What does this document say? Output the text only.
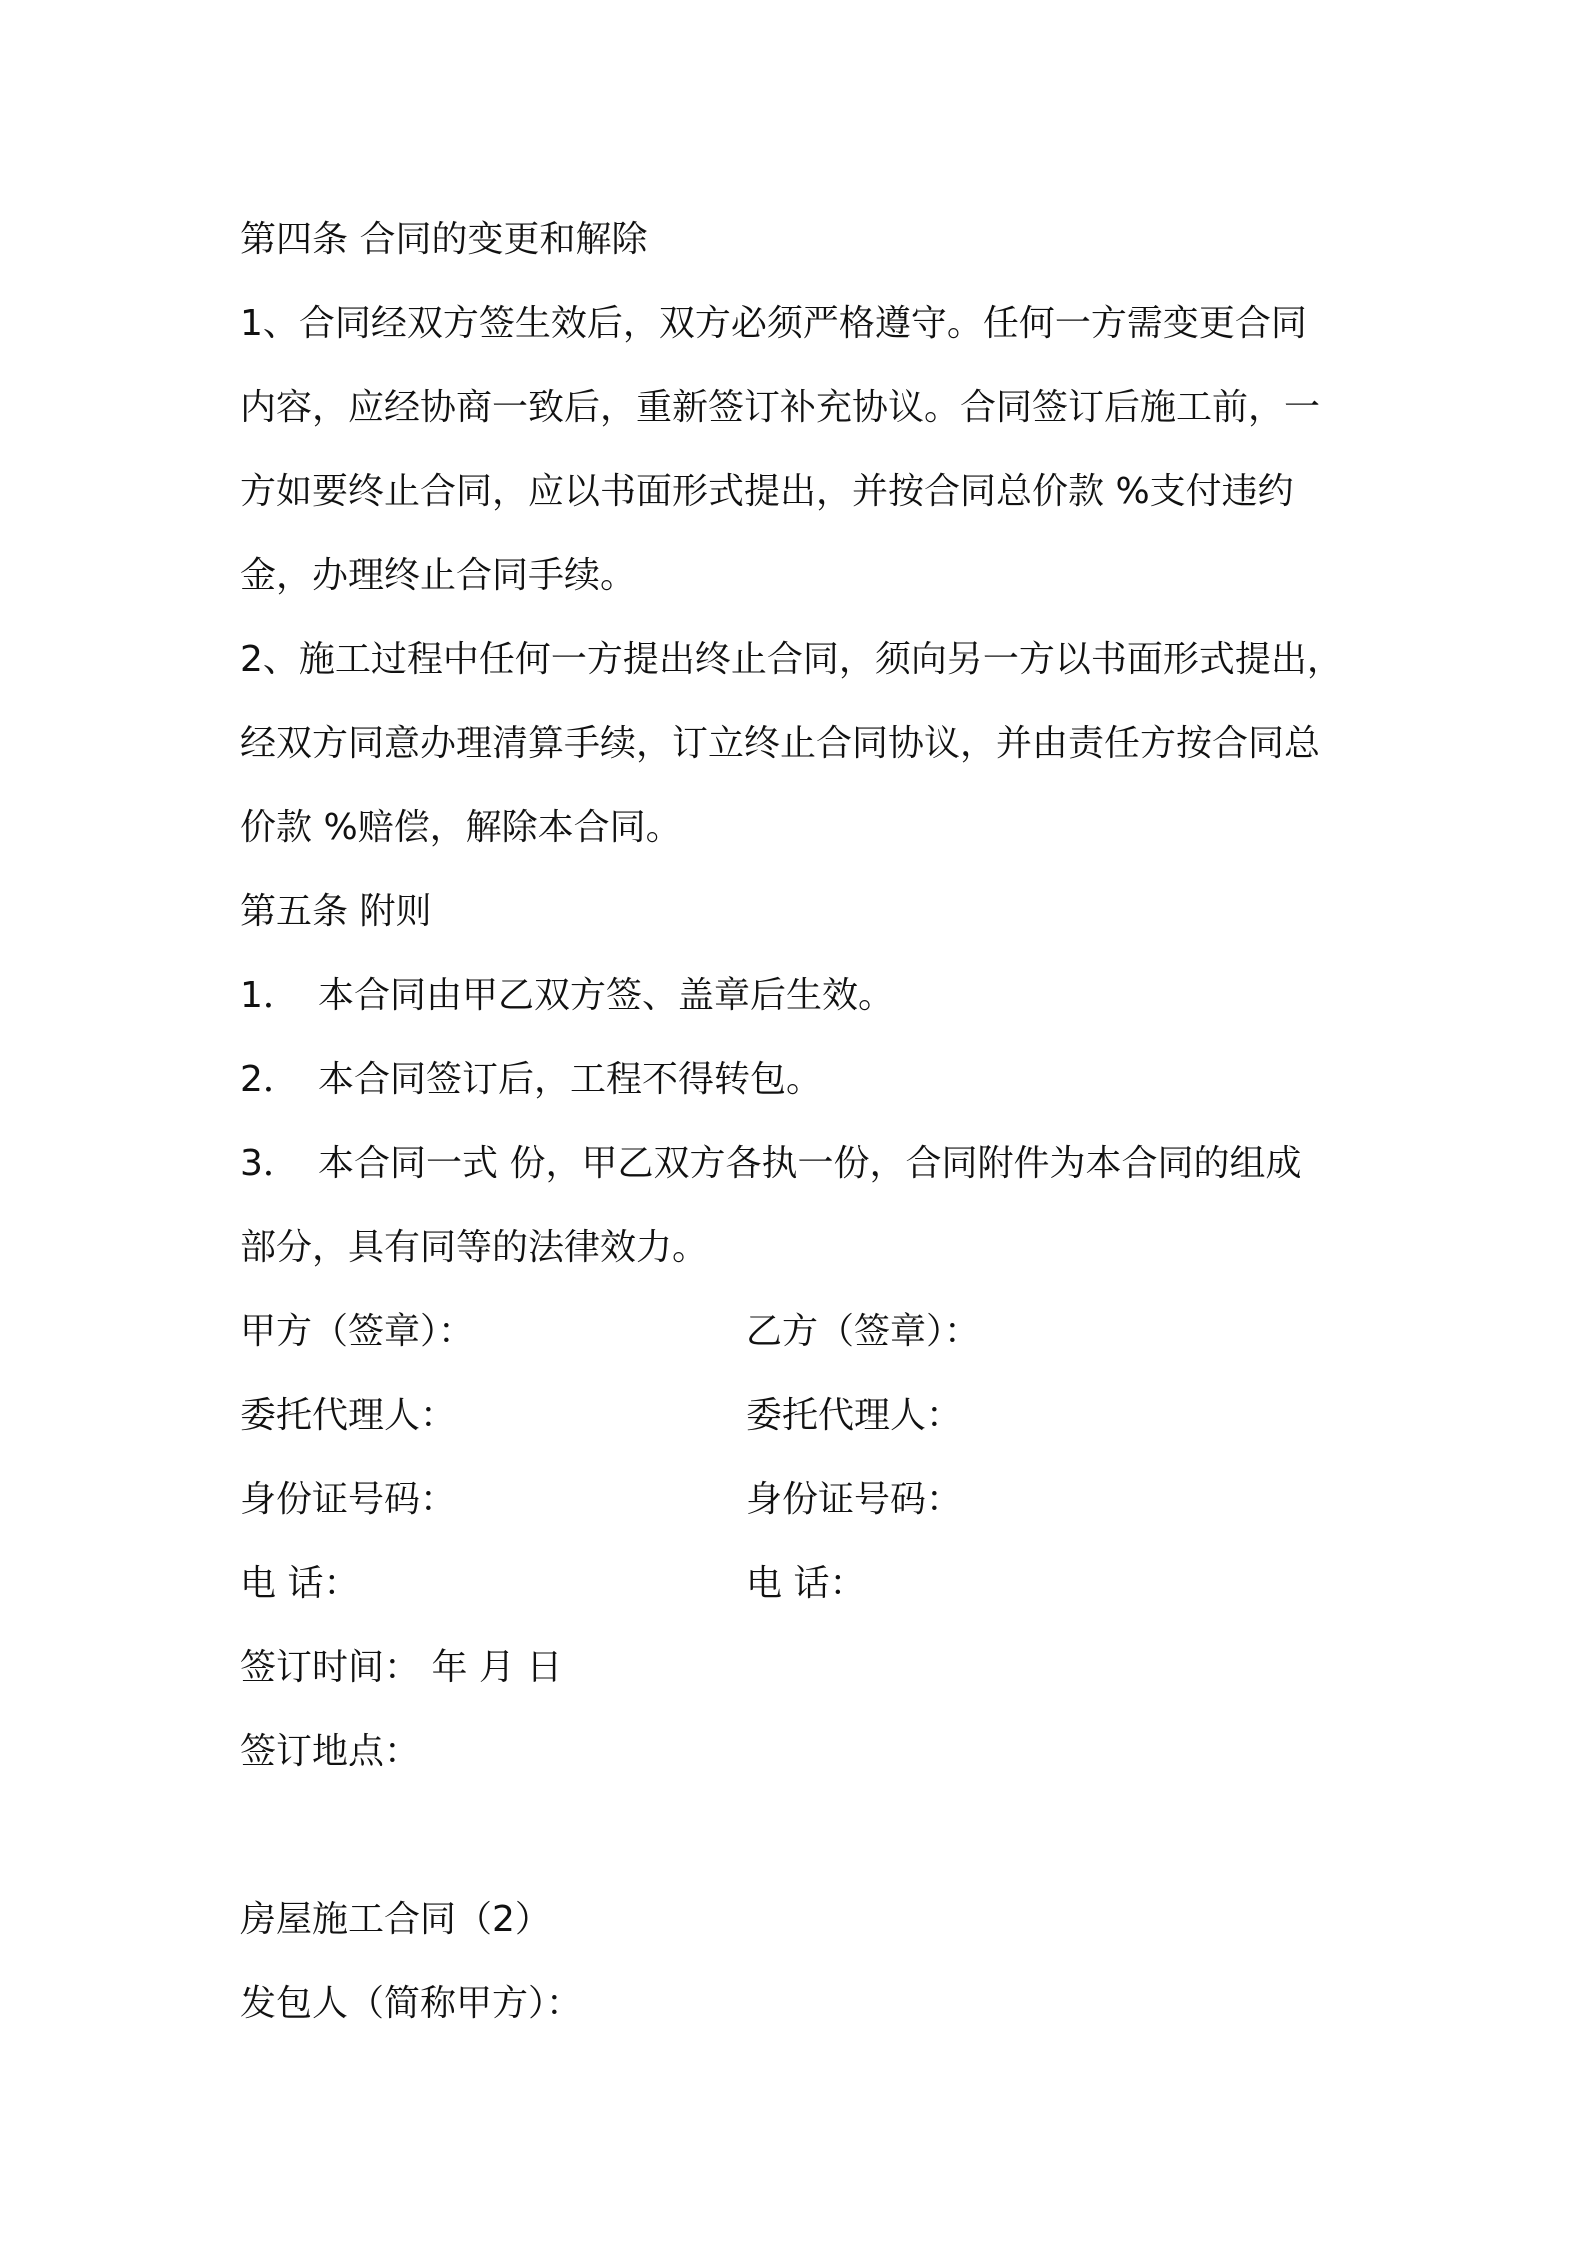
第四条 合同的变更和解除
1、合同经双方签生效后，双方必须严格遵守。任何一方需变更合同
内容，应经协商一致后，重新签订补充协议。合同签订后施工前，一
方如要终止合同，应以书面形式提出，并按合同总价款 %支付违约
金，办理终止合同手续。
2、施工过程中任何一方提出终止合同，须向另一方以书面形式提出，
经双方同意办理清算手续，订立终止合同协议，并由责任方按合同总
价款 %赔偿，解除本合同。
第五条 附则
1． 本合同由甲乙双方签、盖章后生效。
2． 本合同签订后，工程不得转包。
3． 本合同一式 份，甲乙双方各执一份，合同附件为本合同的组成
部分，具有同等的法律效力。
甲方（签章）：	乙方（签章）：
委托代理人：	委托代理人：
身份证号码：	身份证号码：
电 话：	电 话：
签订时间： 年 月 日
签订地点：
房屋施工合同（2）
发包人（简称甲方）：
